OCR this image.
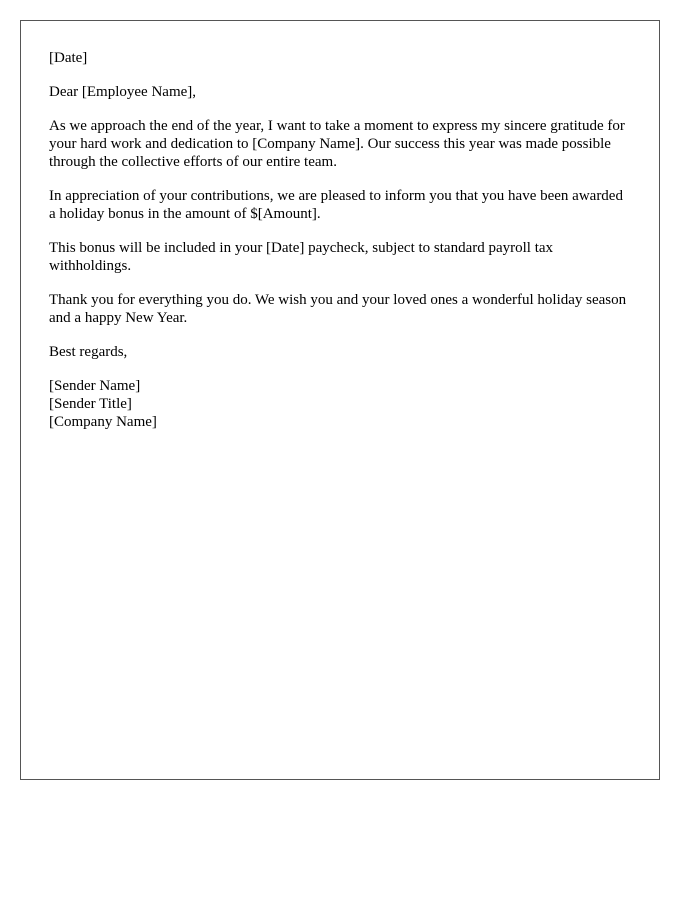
[Date]

Dear [Employee Name],

As we approach the end of the year, I want to take a moment to express my sincere gratitude for your hard work and dedication to [Company Name]. Our success this year was made possible through the collective efforts of our entire team.

In appreciation of your contributions, we are pleased to inform you that you have been awarded a holiday bonus in the amount of $[Amount].

This bonus will be included in your [Date] paycheck, subject to standard payroll tax withholdings.

Thank you for everything you do. We wish you and your loved ones a wonderful holiday season and a happy New Year.

Best regards,

[Sender Name]

[Sender Title]

[Company Name]
